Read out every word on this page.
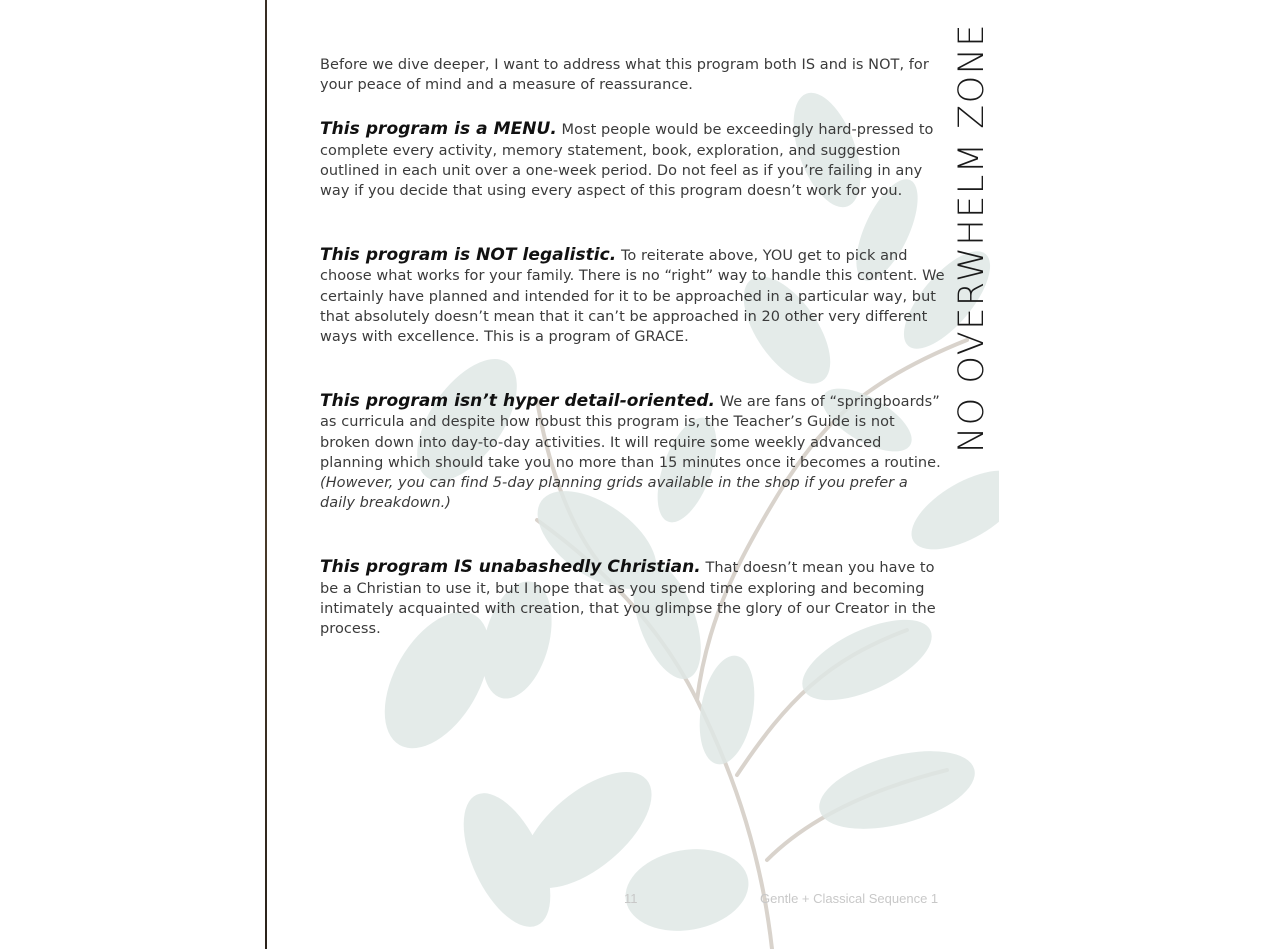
Before we dive deeper, I want to address what this program both IS and is NOT, for your peace of mind and a measure of reassurance.

This program is a MENU. Most people would be exceedingly hard-pressed to complete every activity, memory statement, book, exploration, and suggestion outlined in each unit over a one-week period. Do not feel as if you’re failing in any way if you decide that using every aspect of this program doesn’t work for you.

This program is NOT legalistic. To reiterate above, YOU get to pick and choose what works for your family. There is no “right” way to handle this content. We certainly have planned and intended for it to be approached in a particular way, but that absolutely doesn’t mean that it can’t be approached in 20 other very different ways with excellence. This is a program of GRACE.

This program isn’t hyper detail-oriented. We are fans of “springboards” as curricula and despite how robust this program is, the Teacher’s Guide is not broken down into day-to-day activities. It will require some weekly advanced planning which should take you no more than 15 minutes once it becomes a routine. (However, you can find 5-day planning grids available in the shop if you prefer a daily breakdown.)

This program IS unabashedly Christian. That doesn’t mean you have to be a Christian to use it, but I hope that as you spend time exploring and becoming intimately acquainted with creation, that you glimpse the glory of our Creator in the process.

NO OVERWHELM ZONE
11	Gentle + Classical Sequence 1
